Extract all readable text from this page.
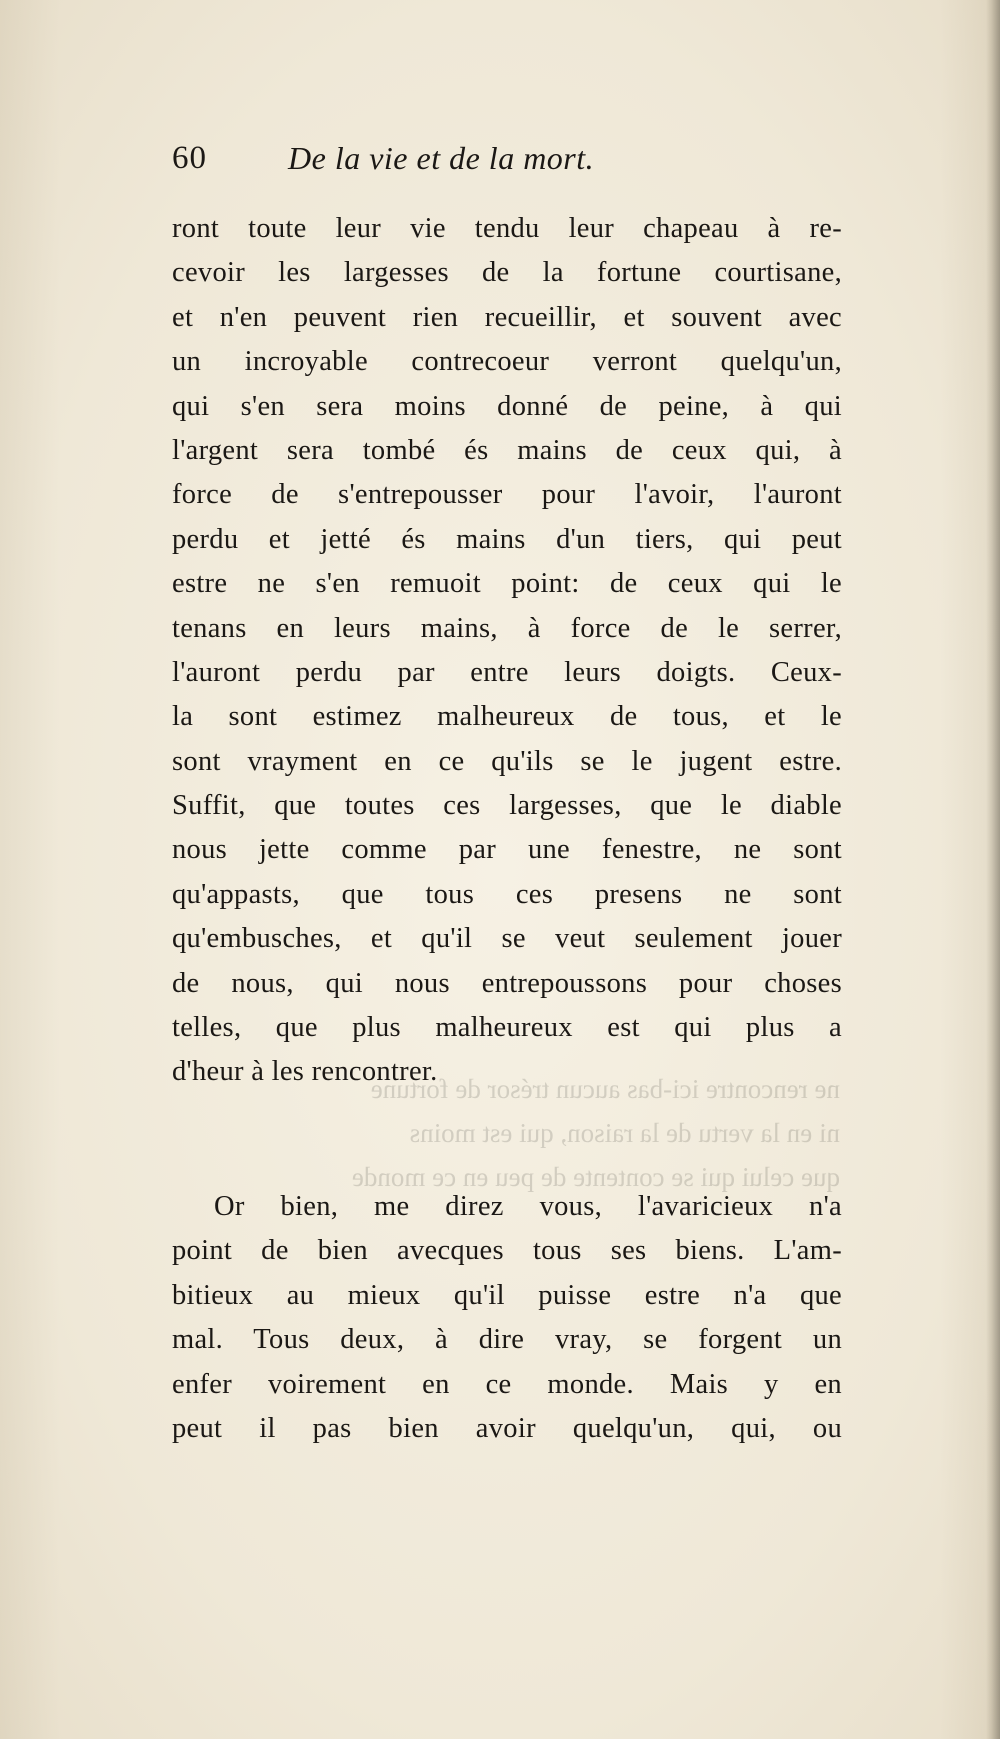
60	De la vie et de la mort.
ront toute leur vie tendu leur chapeau à re-
cevoir les largesses de la fortune courtisane,
et n'en peuvent rien recueillir, et souvent avec
un incroyable contrecoeur verront quelqu'un,
qui s'en sera moins donné de peine, à qui
l'argent sera tombé és mains de ceux qui, à
force de s'entrepousser pour l'avoir, l'auront
perdu et jetté és mains d'un tiers, qui peut
estre ne s'en remuoit point: de ceux qui le
tenans en leurs mains, à force de le serrer,
l'auront perdu par entre leurs doigts. Ceux-
la sont estimez malheureux de tous, et le
sont vrayment en ce qu'ils se le jugent estre.
Suffit, que toutes ces largesses, que le diable
nous jette comme par une fenestre, ne sont
qu'appasts, que tous ces presens ne sont
qu'embusches, et qu'il se veut seulement jouer
de nous, qui nous entrepoussons pour choses
telles, que plus malheureux est qui plus a
d'heur à les rencontrer.
ne rencontre ici-bas aucun trésor de fortune
ni en la vertu de la raison, qui est moins
que celui qui se contente de peu en ce monde
Or bien, me direz vous, l'avaricieux n'a
point de bien avecques tous ses biens. L'am-
bitieux au mieux qu'il puisse estre n'a que
mal. Tous deux, à dire vray, se forgent un
enfer voirement en ce monde. Mais y en
peut il pas bien avoir quelqu'un, qui, ou
